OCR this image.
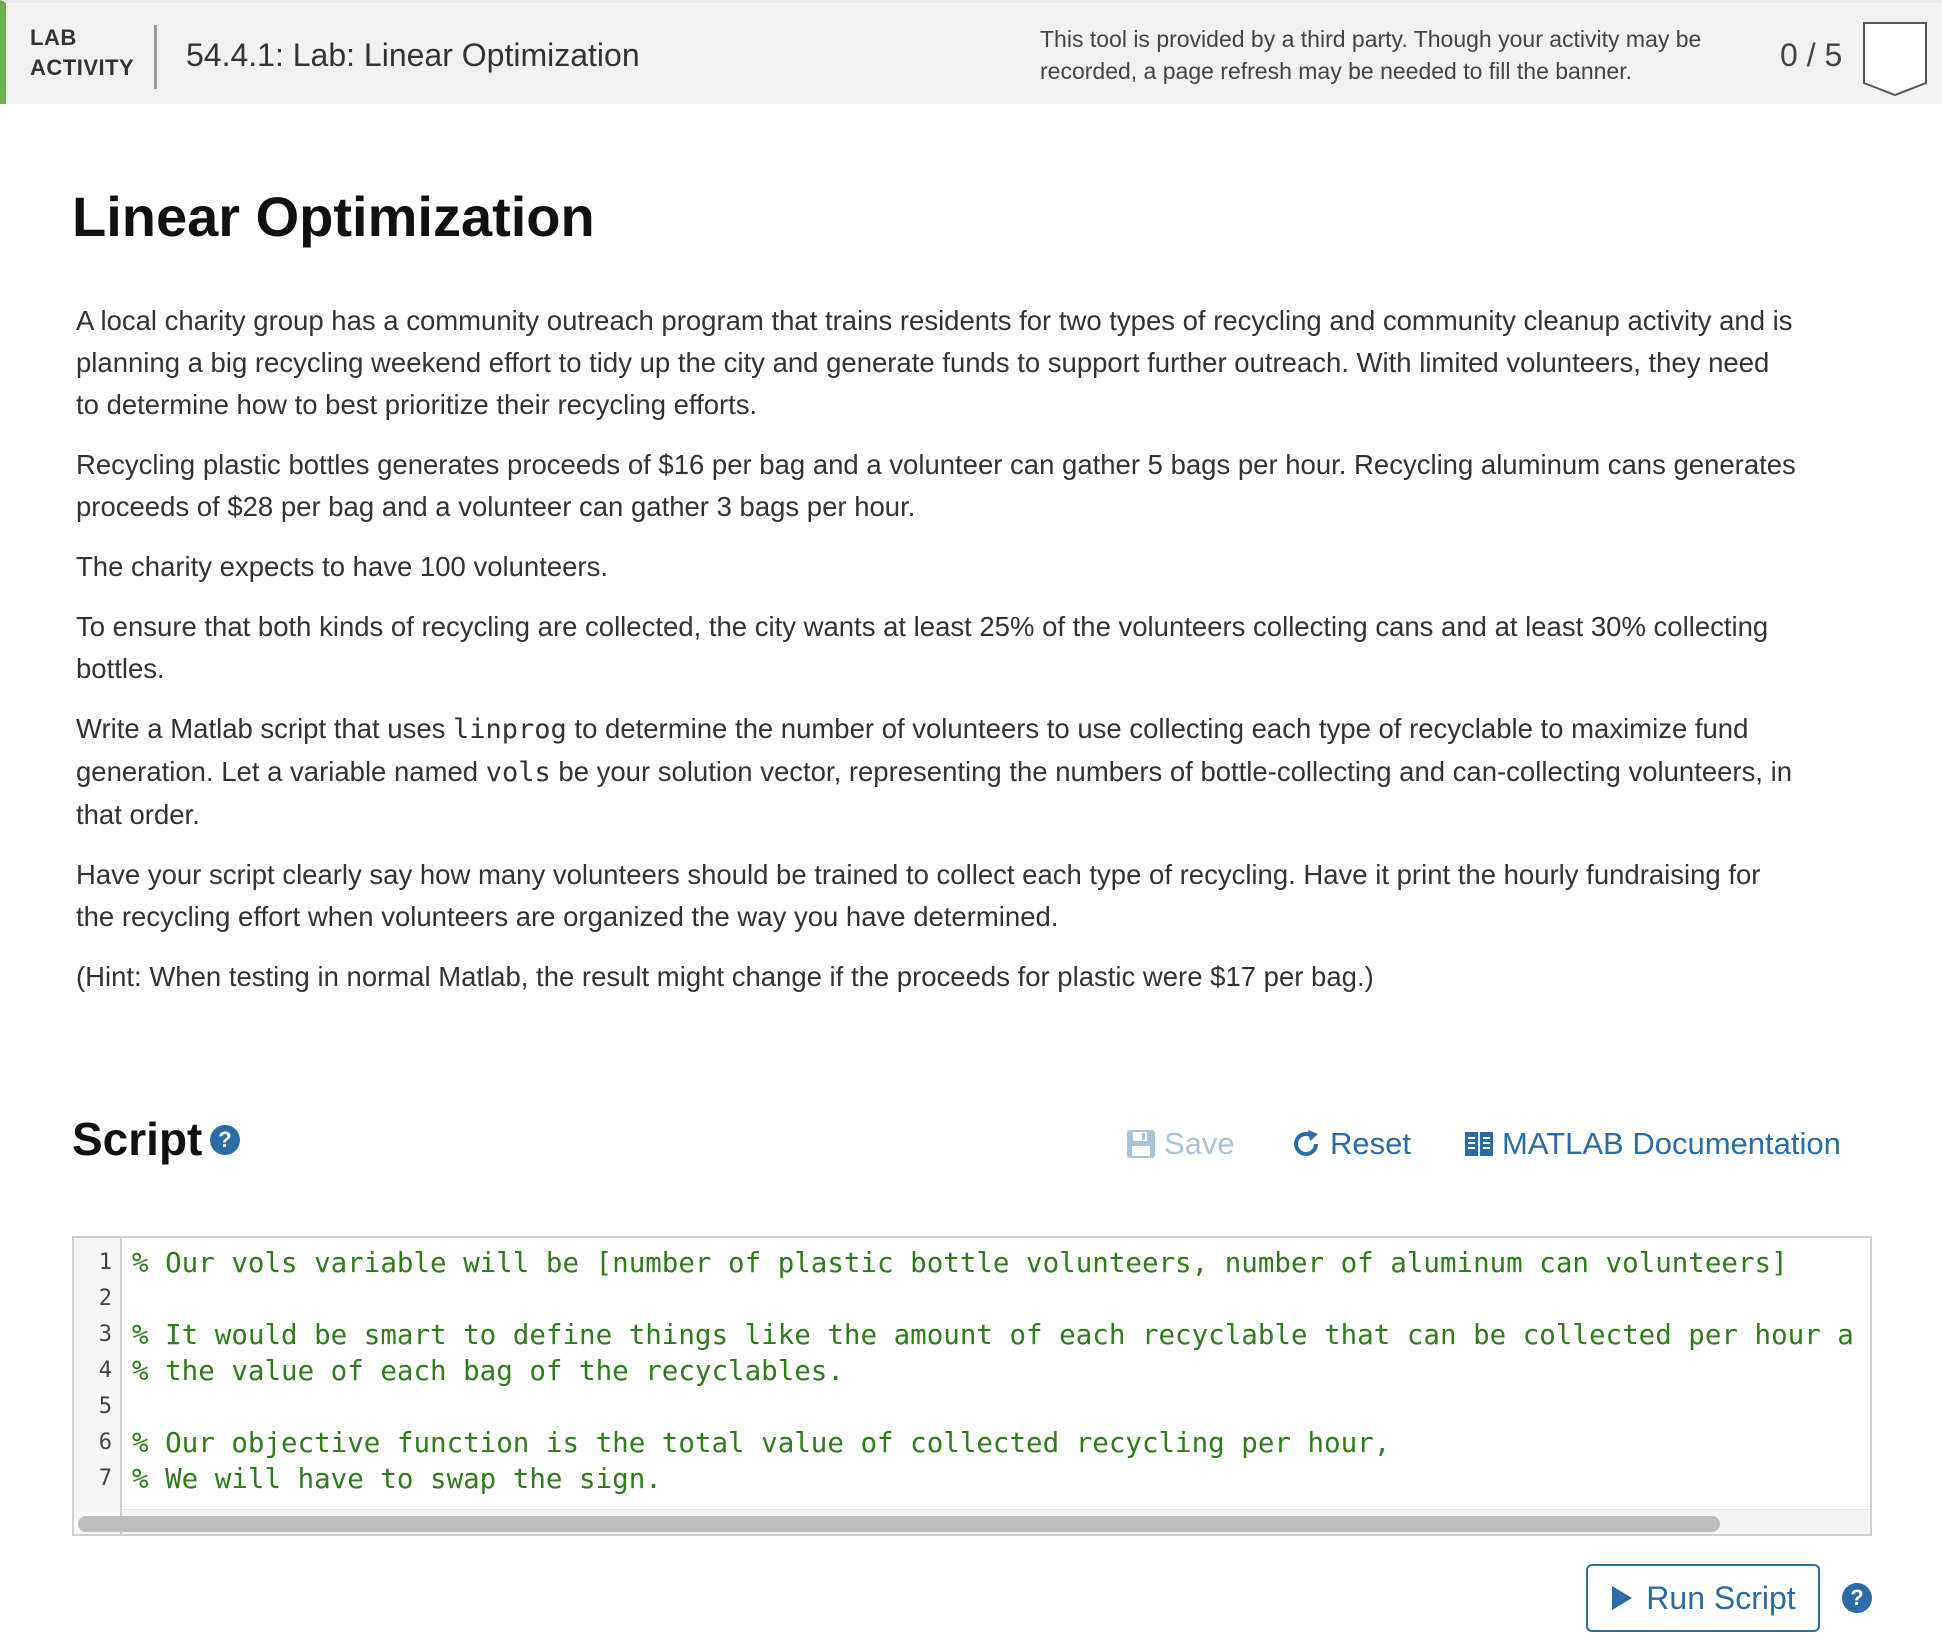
LAB ACTIVITY	54.4.1: Lab: Linear Optimization	This tool is provided by a third party. Though your activity may be recorded, a page refresh may be needed to fill the banner.	0 / 5
Linear Optimization

A local charity group has a community outreach program that trains residents for two types of recycling and community cleanup activity and is planning a big recycling weekend effort to tidy up the city and generate funds to support further outreach. With limited volunteers, they need to determine how to best prioritize their recycling efforts.

Recycling plastic bottles generates proceeds of $16 per bag and a volunteer can gather 5 bags per hour. Recycling aluminum cans generates proceeds of $28 per bag and a volunteer can gather 3 bags per hour.

The charity expects to have 100 volunteers.

To ensure that both kinds of recycling are collected, the city wants at least 25% of the volunteers collecting cans and at least 30% collecting bottles.

Write a Matlab script that uses linprog to determine the number of volunteers to use collecting each type of recyclable to maximize fund generation. Let a variable named vols be your solution vector, representing the numbers of bottle-collecting and can-collecting volunteers, in that order.

Have your script clearly say how many volunteers should be trained to collect each type of recycling. Have it print the hourly fundraising for the recycling effort when volunteers are organized the way you have determined.

(Hint: When testing in normal Matlab, the result might change if the proceeds for plastic were $17 per bag.)

Script ?	Save	Reset	MATLAB Documentation
1
2
3
4
5
6
7
% Our vols variable will be [number of plastic bottle volunteers, number of aluminum can volunteers]
% It would be smart to define things like the amount of each recyclable that can be collected per hour a
% the value of each bag of the recyclables.
% Our objective function is the total value of collected recycling per hour,
% We will have to swap the sign.
Run Script	?
